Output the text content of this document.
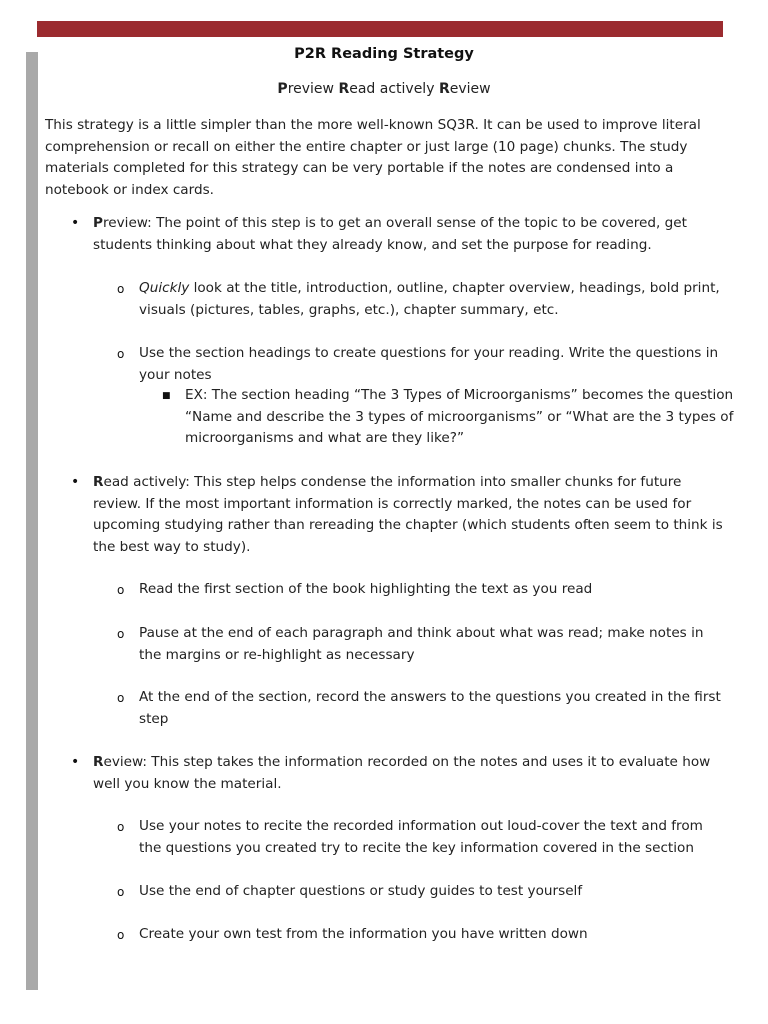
P2R Reading Strategy
Preview Read actively Review
This strategy is a little simpler than the more well-known SQ3R. It can be used to improve literal comprehension or recall on either the entire chapter or just large (10 page) chunks. The study materials completed for this strategy can be very portable if the notes are condensed into a notebook or index cards.
• Preview: The point of this step is to get an overall sense of the topic to be covered, get students thinking about what they already know, and set the purpose for reading.
o Quickly look at the title, introduction, outline, chapter overview, headings, bold print, visuals (pictures, tables, graphs, etc.), chapter summary, etc.
o Use the section headings to create questions for your reading. Write the questions in your notes
■ EX: The section heading “The 3 Types of Microorganisms” becomes the question “Name and describe the 3 types of microorganisms” or “What are the 3 types of microorganisms and what are they like?”
• Read actively: This step helps condense the information into smaller chunks for future review. If the most important information is correctly marked, the notes can be used for upcoming studying rather than rereading the chapter (which students often seem to think is the best way to study).
o Read the first section of the book highlighting the text as you read
o Pause at the end of each paragraph and think about what was read; make notes in the margins or re-highlight as necessary
o At the end of the section, record the answers to the questions you created in the first step
• Review: This step takes the information recorded on the notes and uses it to evaluate how well you know the material.
o Use your notes to recite the recorded information out loud-cover the text and from the questions you created try to recite the key information covered in the section
o Use the end of chapter questions or study guides to test yourself
o Create your own test from the information you have written down
